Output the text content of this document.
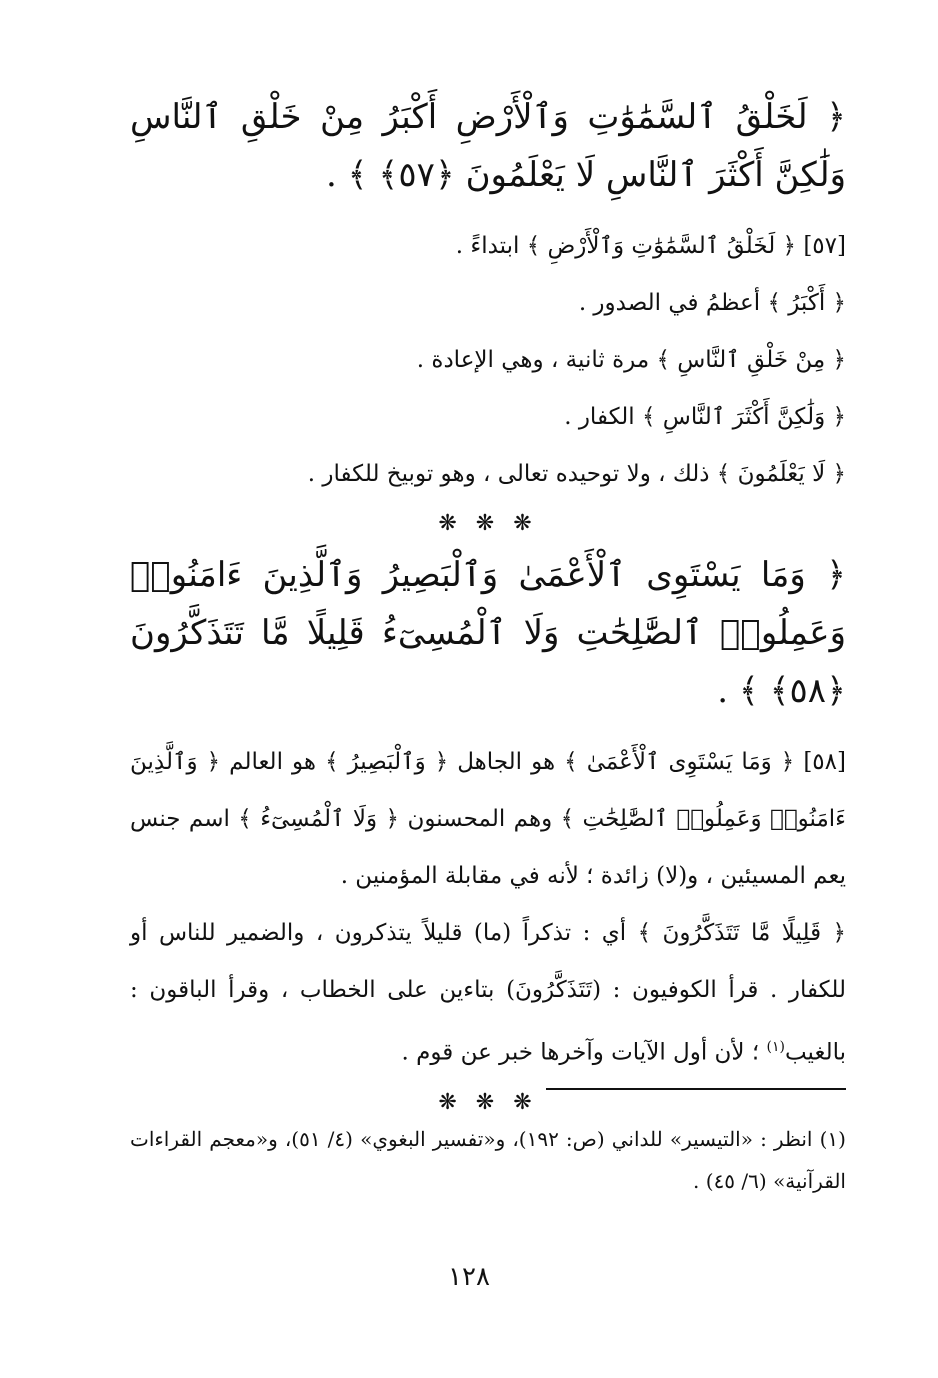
﴿ لَخَلْقُ ٱلسَّمَٰوَٰتِ وَٱلْأَرْضِ أَكْبَرُ مِنْ خَلْقِ ٱلنَّاسِ وَلَٰكِنَّ أَكْثَرَ ٱلنَّاسِ لَا يَعْلَمُونَ ﴿٥٧﴾ ﴾ .
[٥٧] ﴿ لَخَلْقُ ٱلسَّمَٰوَٰتِ وَٱلْأَرْضِ ﴾ ابتداءً .
﴿ أَكْبَرُ ﴾ أعظمُ في الصدور .
﴿ مِنْ خَلْقِ ٱلنَّاسِ ﴾ مرة ثانية ، وهي الإعادة .
﴿ وَلَٰكِنَّ أَكْثَرَ ٱلنَّاسِ ﴾ الكفار .
﴿ لَا يَعْلَمُونَ ﴾ ذلك ، ولا توحيده تعالى ، وهو توبيخ للكفار .
❋ ❋ ❋
﴿ وَمَا يَسْتَوِى ٱلْأَعْمَىٰ وَٱلْبَصِيرُ وَٱلَّذِينَ ءَامَنُوا۟ وَعَمِلُوا۟ ٱلصَّٰلِحَٰتِ وَلَا ٱلْمُسِىٓءُ قَلِيلًا مَّا تَتَذَكَّرُونَ ﴿٥٨﴾ ﴾ .
[٥٨] ﴿ وَمَا يَسْتَوِى ٱلْأَعْمَىٰ ﴾ هو الجاهل ﴿ وَٱلْبَصِيرُ ﴾ هو العالم ﴿ وَٱلَّذِينَ ءَامَنُوا۟ وَعَمِلُوا۟ ٱلصَّٰلِحَٰتِ ﴾ وهم المحسنون ﴿ وَلَا ٱلْمُسِىٓءُ ﴾ اسم جنس يعم المسيئين ، و(لا) زائدة ؛ لأنه في مقابلة المؤمنين .
﴿ قَلِيلًا مَّا تَتَذَكَّرُونَ ﴾ أي : تذكراً (ما) قليلاً يتذكرون ، والضمير للناس أو للكفار . قرأ الكوفيون : (تَتَذَكَّرُونَ) بتاءين على الخطاب ، وقرأ الباقون : بالغيب$^{(١)}$ ؛ لأن أول الآيات وآخرها خبر عن قوم .
❋ ❋ ❋
(١) انظر : «التيسير» للداني (ص: ١٩٢)، و«تفسير البغوي» (٤/ ٥١)، و«معجم القراءات القرآنية» (٦/ ٤٥) .
١٢٨
